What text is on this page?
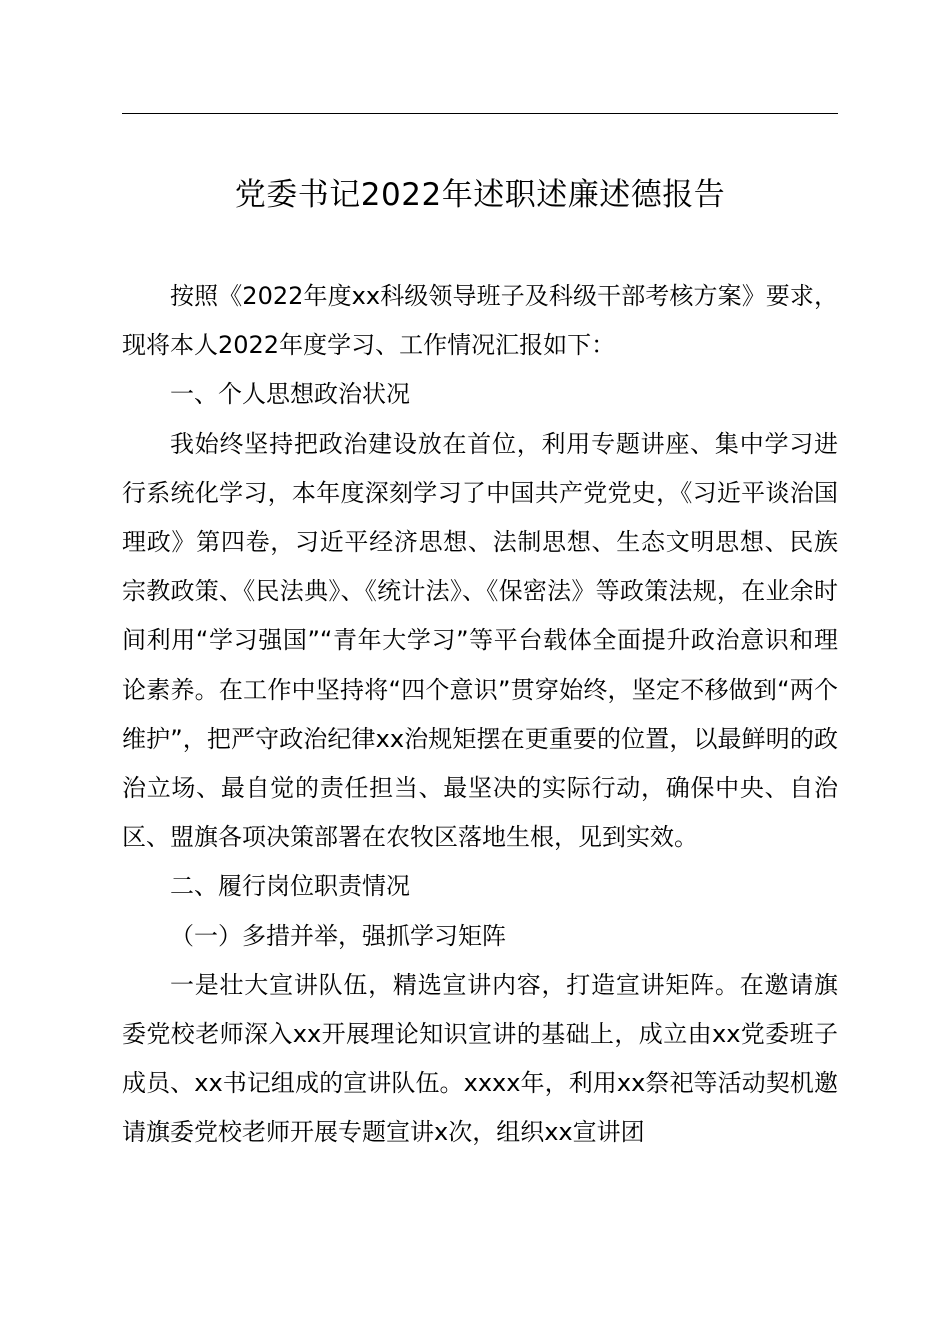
党委书记2022年述职述廉述德报告

按照《2022年度xx科级领导班子及科级干部考核方案》要求，现将本人2022年度学习、工作情况汇报如下：

一、个人思想政治状况

我始终坚持把政治建设放在首位，利用专题讲座、集中学习进行系统化学习，本年度深刻学习了中国共产党党史，《习近平谈治国理政》第四卷，习近平经济思想、法制思想、生态文明思想、民族宗教政策、《民法典》、《统计法》、《保密法》等政策法规，在业余时间利用“学习强国”“青年大学习”等平台载体全面提升政治意识和理论素养。在工作中坚持将“四个意识”贯穿始终，坚定不移做到“两个维护”，把严守政治纪律xx治规矩摆在更重要的位置，以最鲜明的政治立场、最自觉的责任担当、最坚决的实际行动，确保中央、自治区、盟旗各项决策部署在农牧区落地生根，见到实效。

二、履行岗位职责情况

（一）多措并举，强抓学习矩阵

一是壮大宣讲队伍，精选宣讲内容，打造宣讲矩阵。在邀请旗委党校老师深入xx开展理论知识宣讲的基础上，成立由xx党委班子成员、xx书记组成的宣讲队伍。xxxx年，利用xx祭祀等活动契机邀请旗委党校老师开展专题宣讲x次，组织xx宣讲团
